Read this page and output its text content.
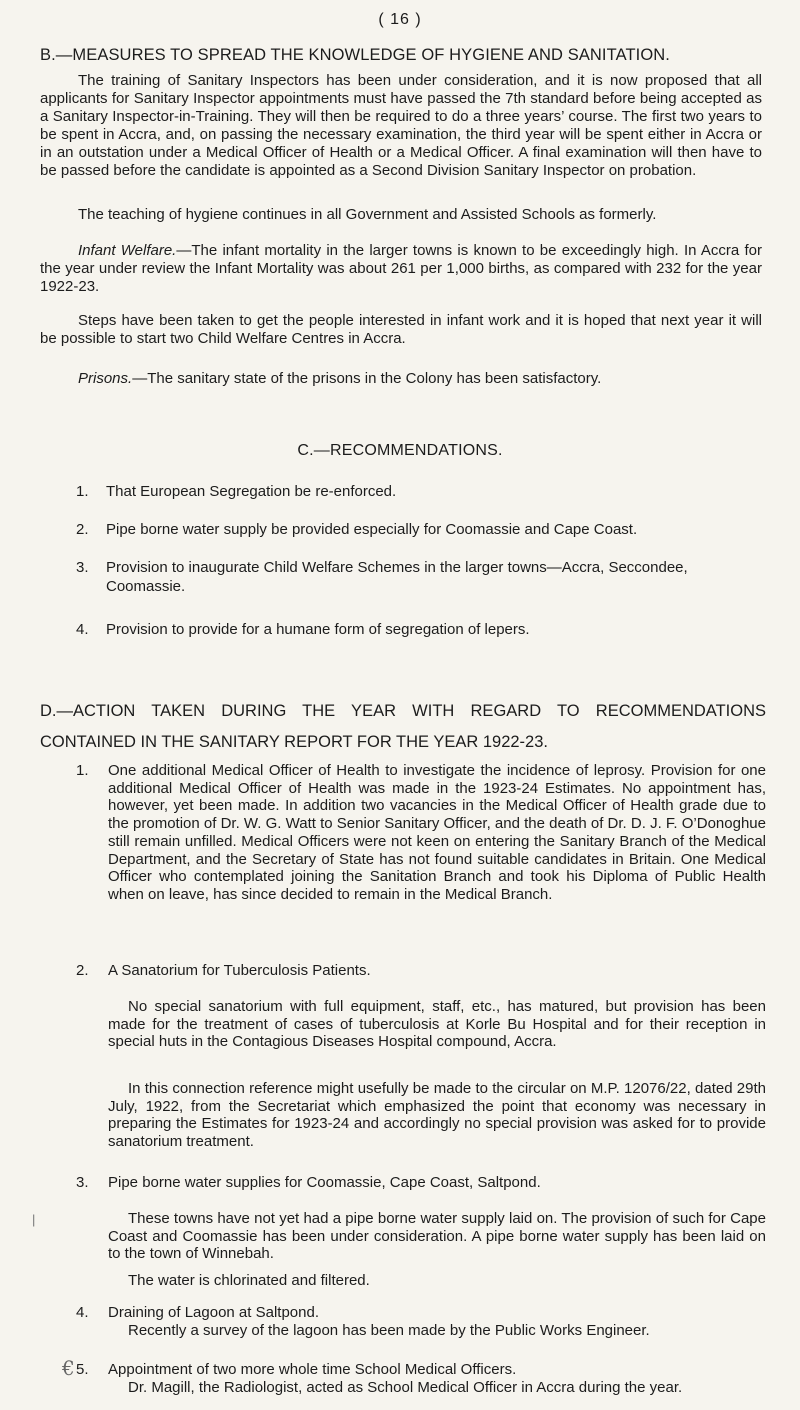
( 16 )
B.—MEASURES TO SPREAD THE KNOWLEDGE OF HYGIENE AND SANITATION.
The training of Sanitary Inspectors has been under consideration, and it is now proposed that all applicants for Sanitary Inspector appointments must have passed the 7th standard before being accepted as a Sanitary Inspector-in-Training. They will then be required to do a three years’ course. The first two years to be spent in Accra, and, on passing the necessary examination, the third year will be spent either in Accra or in an outstation under a Medical Officer of Health or a Medical Officer. A final examination will then have to be passed before the candidate is appointed as a Second Division Sanitary Inspector on probation.
The teaching of hygiene continues in all Government and Assisted Schools as formerly.
Infant Welfare.—The infant mortality in the larger towns is known to be exceedingly high. In Accra for the year under review the Infant Mortality was about 261 per 1,000 births, as compared with 232 for the year 1922-23.
Steps have been taken to get the people interested in infant work and it is hoped that next year it will be possible to start two Child Welfare Centres in Accra.
Prisons.—The sanitary state of the prisons in the Colony has been satisfactory.
C.—RECOMMENDATIONS.
1. That European Segregation be re-enforced.
2. Pipe borne water supply be provided especially for Coomassie and Cape Coast.
3. Provision to inaugurate Child Welfare Schemes in the larger towns—Accra, Seccondee, Coomassie.
4. Provision to provide for a humane form of segregation of lepers.
D.—ACTION TAKEN DURING THE YEAR WITH REGARD TO RECOMMENDATIONS CONTAINED IN THE SANITARY REPORT FOR THE YEAR 1922-23.
1. One additional Medical Officer of Health to investigate the incidence of leprosy. Provision for one additional Medical Officer of Health was made in the 1923-24 Estimates. No appointment has, however, yet been made. In addition two vacancies in the Medical Officer of Health grade due to the promotion of Dr. W. G. Watt to Senior Sanitary Officer, and the death of Dr. D. J. F. O’Donoghue still remain unfilled. Medical Officers were not keen on entering the Sanitary Branch of the Medical Department, and the Secretary of State has not found suitable candidates in Britain. One Medical Officer who contemplated joining the Sanitation Branch and took his Diploma of Public Health when on leave, has since decided to remain in the Medical Branch.
2. A Sanatorium for Tuberculosis Patients.
No special sanatorium with full equipment, staff, etc., has matured, but provision has been made for the treatment of cases of tuberculosis at Korle Bu Hospital and for their reception in special huts in the Contagious Diseases Hospital compound, Accra.
In this connection reference might usefully be made to the circular on M.P. 12076/22, dated 29th July, 1922, from the Secretariat which emphasized the point that economy was necessary in preparing the Estimates for 1923-24 and accordingly no special provision was asked for to provide sanatorium treatment.
3. Pipe borne water supplies for Coomassie, Cape Coast, Saltpond.
These towns have not yet had a pipe borne water supply laid on. The provision of such for Cape Coast and Coomassie has been under consideration. A pipe borne water supply has been laid on to the town of Winnebah.
The water is chlorinated and filtered.
4. Draining of Lagoon at Saltpond.
Recently a survey of the lagoon has been made by the Public Works Engineer.
5. Appointment of two more whole time School Medical Officers.
Dr. Magill, the Radiologist, acted as School Medical Officer in Accra during the year.
€
|
